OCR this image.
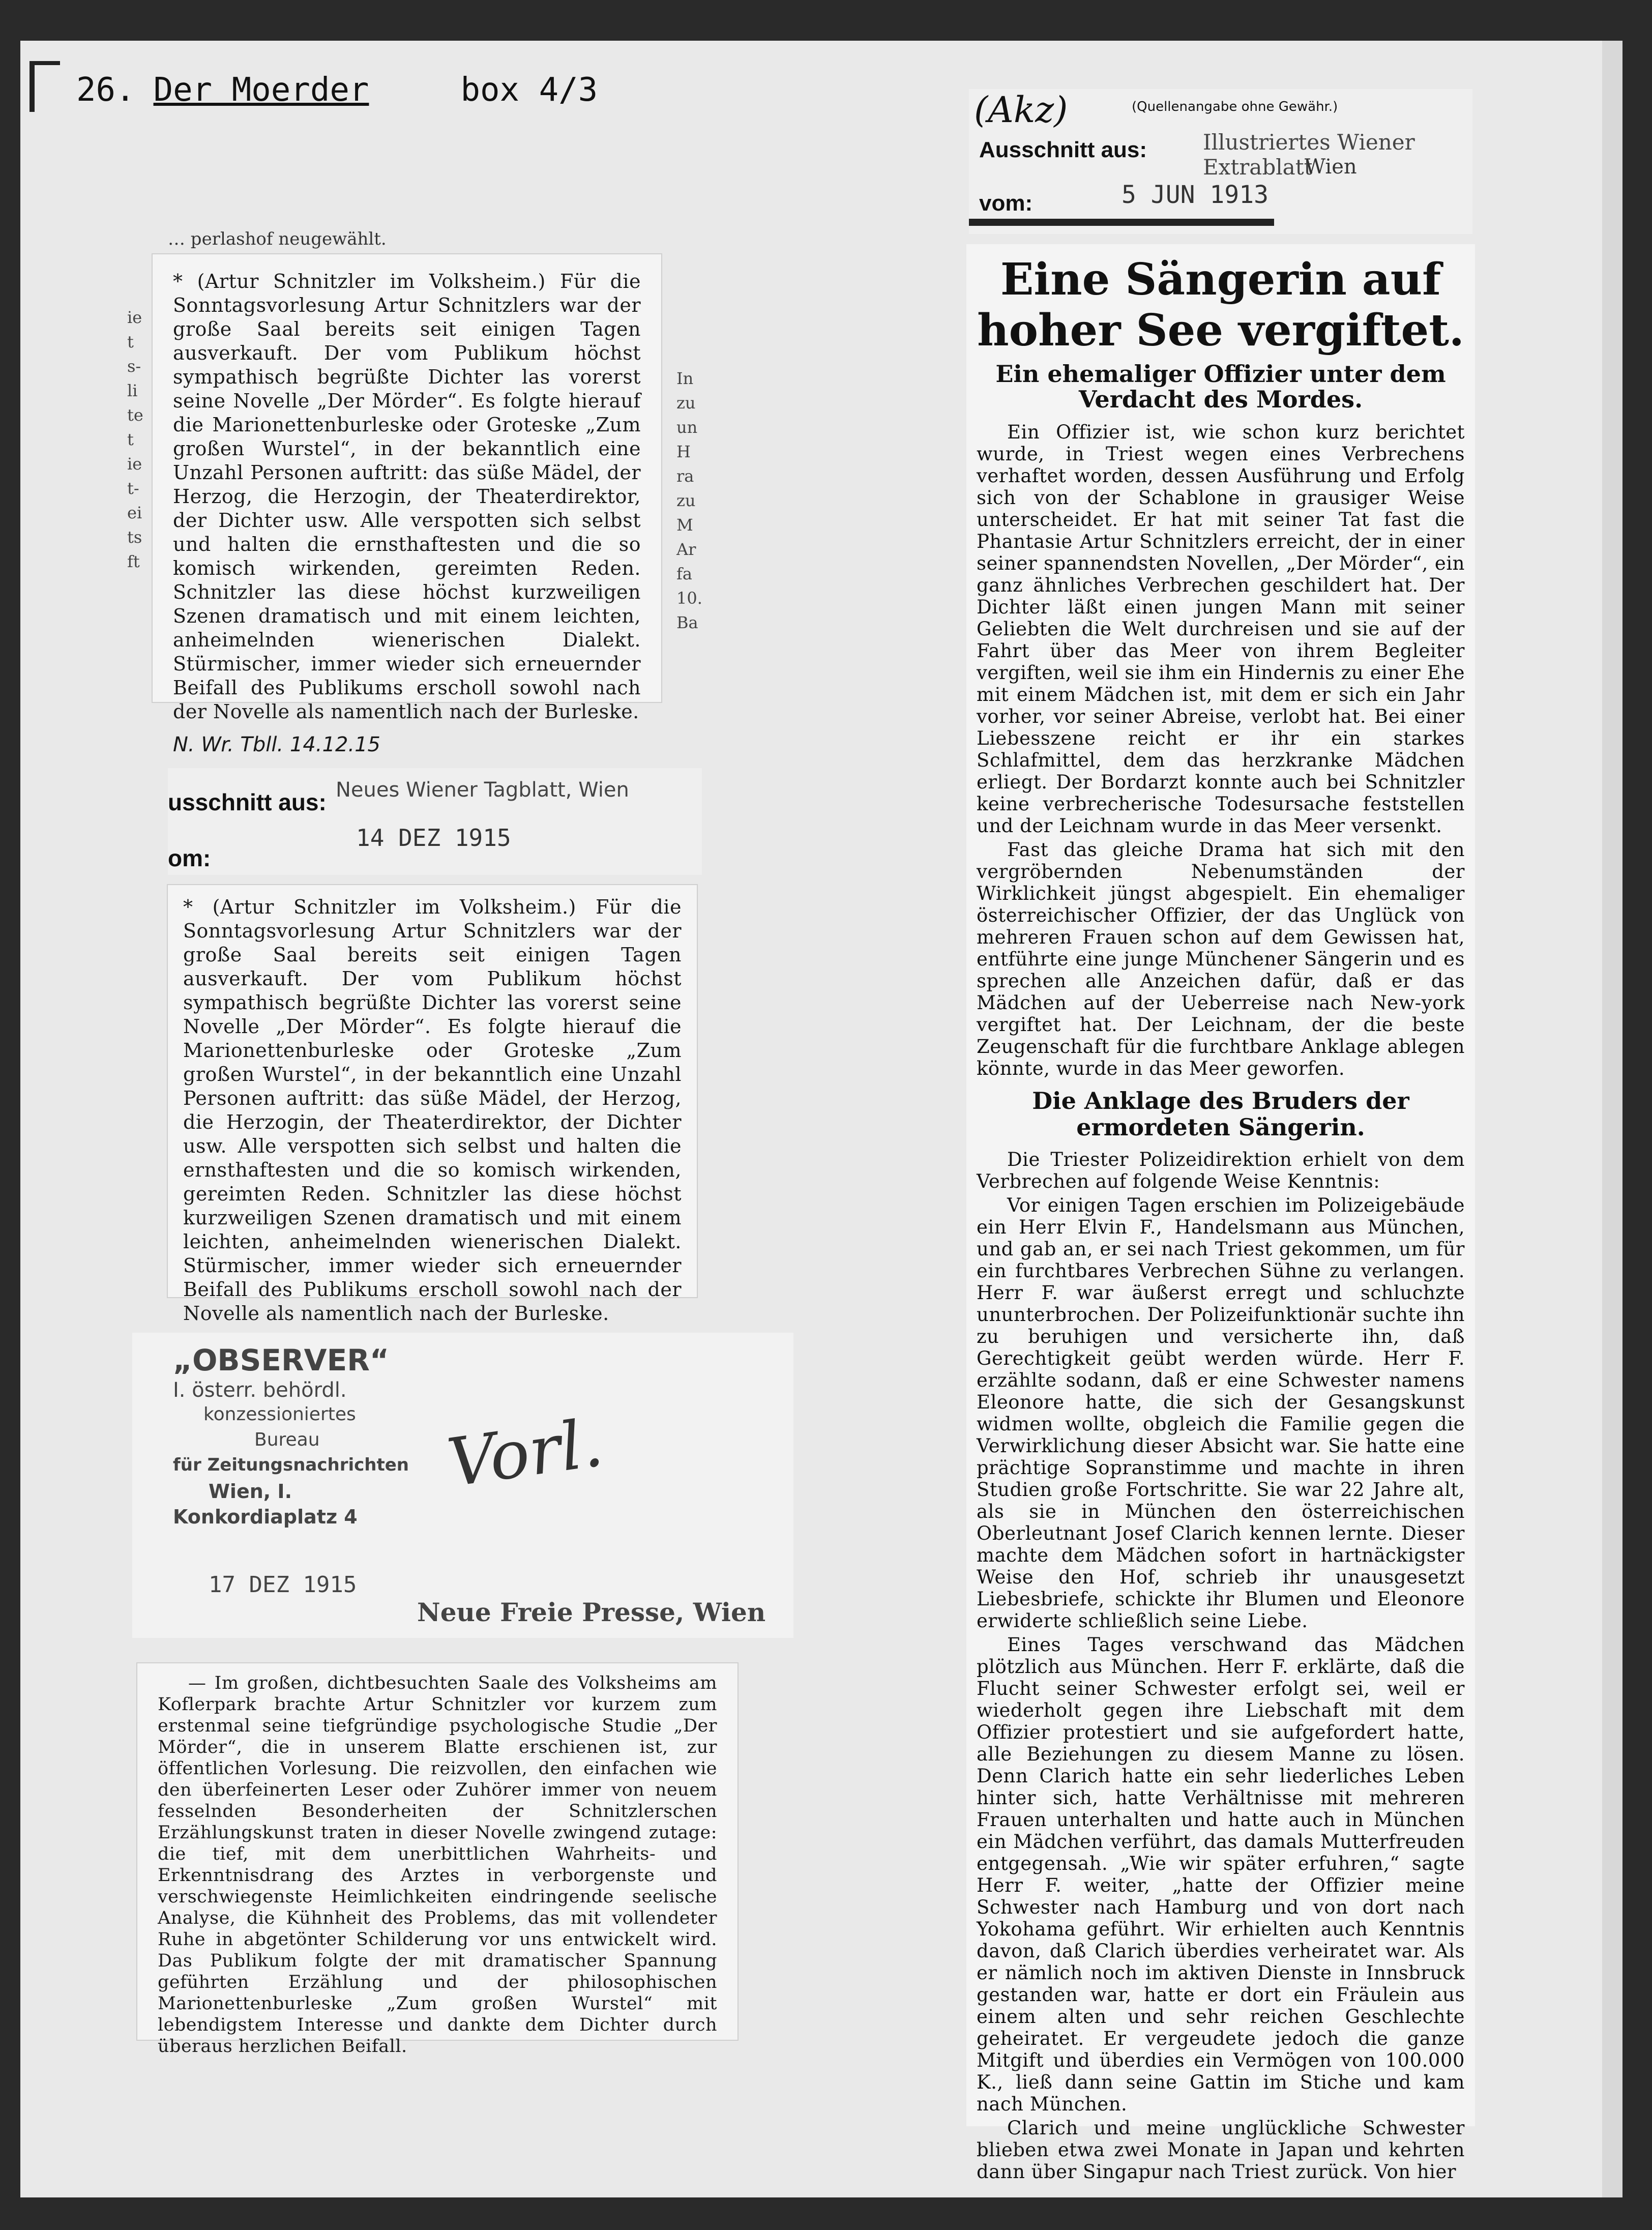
26. Der Moerder	box 4/3
… perlashof neugewählt.
ie
t
s-
li
te
t
ie
t-
ei
ts
ft

* (Artur Schnitzler im Volksheim.) Für die Sonntagsvorlesung Artur Schnitzlers war der große Saal bereits seit einigen Tagen ausverkauft. Der vom Publikum höchst sympathisch begrüßte Dichter las vorerst seine Novelle „Der Mörder“. Es folgte hierauf die Marionettenburleske oder Groteske „Zum großen Wurstel“, in der bekanntlich eine Unzahl Personen auftritt: das süße Mädel, der Herzog, die Herzogin, der Theaterdirektor, der Dichter usw. Alle verspotten sich selbst und halten die ernsthaftesten und die so komisch wirkenden, gereimten Reden. Schnitzler las diese höchst kurzweiligen Szenen dramatisch und mit einem leichten, anheimelnden wienerischen Dialekt. Stürmischer, immer wieder sich erneuernder Beifall des Publikums erscholl sowohl nach der Novelle als namentlich nach der Burleske.

N. Wr. Tbll. 14.12.15
In
zu
un
H
ra
zu
M
Ar
fa
10.
Ba
usschnitt aus: Neues Wiener Tagblatt, Wien
14 DEZ 1915
om:

* (Artur Schnitzler im Volksheim.) Für die Sonntagsvorlesung Artur Schnitzlers war der große Saal bereits seit einigen Tagen ausverkauft. Der vom Publikum höchst sympathisch begrüßte Dichter las vorerst seine Novelle „Der Mörder“. Es folgte hierauf die Marionettenburleske oder Groteske „Zum großen Wurstel“, in der bekanntlich eine Unzahl Personen auftritt: das süße Mädel, der Herzog, die Herzogin, der Theaterdirektor, der Dichter usw. Alle verspotten sich selbst und halten die ernsthaftesten und die so komisch wirkenden, gereimten Reden. Schnitzler las diese höchst kurzweiligen Szenen dramatisch und mit einem leichten, anheimelnden wienerischen Dialekt. Stürmischer, immer wieder sich erneuernder Beifall des Publikums erscholl sowohl nach der Novelle als namentlich nach der Burleske.

„OBSERVER“
I. österr. behördl.
konzessioniertes
Bureau
für Zeitungsnachrichten
Wien, I.
Konkordiaplatz 4
17 DEZ 1915
Vorl.
Neue Freie Presse, Wien

— Im großen, dichtbesuchten Saale des Volksheims am Koflerpark brachte Artur Schnitzler vor kurzem zum erstenmal seine tiefgründige psychologische Studie „Der Mörder“, die in unserem Blatte erschienen ist, zur öffentlichen Vorlesung. Die reizvollen, den einfachen wie den überfeinerten Leser oder Zuhörer immer von neuem fesselnden Besonderheiten der Schnitzlerschen Erzählungskunst traten in dieser Novelle zwingend zutage: die tief, mit dem unerbittlichen Wahrheits- und Erkenntnisdrang des Arztes in verborgenste und verschwiegenste Heimlichkeiten eindringende seelische Analyse, die Kühnheit des Problems, das mit vollendeter Ruhe in abgetönter Schilderung vor uns entwickelt wird. Das Publikum folgte der mit dramatischer Spannung geführten Erzählung und der philosophischen Marionettenburleske „Zum großen Wurstel“ mit lebendigstem Interesse und dankte dem Dichter durch überaus herzlichen Beifall.

(Akz)	(Quellenangabe ohne Gewähr.)
Ausschnitt aus:	Illustriertes Wiener Extrablatt
Wien
5 JUN 1913
vom:
Eine Sängerin auf hoher See vergiftet.
Ein ehemaliger Offizier unter dem Verdacht des Mordes.

Ein Offizier ist, wie schon kurz berichtet wurde, in Triest wegen eines Verbrechens verhaftet worden, dessen Ausführung und Erfolg sich von der Schablone in grausiger Weise unterscheidet. Er hat mit seiner Tat fast die Phantasie Artur Schnitzlers erreicht, der in einer seiner spannendsten Novellen, „Der Mörder“, ein ganz ähnliches Verbrechen geschildert hat. Der Dichter läßt einen jungen Mann mit seiner Geliebten die Welt durchreisen und sie auf der Fahrt über das Meer von ihrem Begleiter vergiften, weil sie ihm ein Hindernis zu einer Ehe mit einem Mädchen ist, mit dem er sich ein Jahr vorher, vor seiner Abreise, verlobt hat. Bei einer Liebesszene reicht er ihr ein starkes Schlafmittel, dem das herzkranke Mädchen erliegt. Der Bordarzt konnte auch bei Schnitzler keine verbrecherische Todesursache feststellen und der Leichnam wurde in das Meer versenkt.

Fast das gleiche Drama hat sich mit den vergröbernden Nebenumständen der Wirklichkeit jüngst abgespielt. Ein ehemaliger österreichischer Offizier, der das Unglück von mehreren Frauen schon auf dem Gewissen hat, entführte eine junge Münchener Sängerin und es sprechen alle Anzeichen dafür, daß er das Mädchen auf der Ueberreise nach New-york vergiftet hat. Der Leichnam, der die beste Zeugenschaft für die furchtbare Anklage ablegen könnte, wurde in das Meer geworfen.

Die Anklage des Bruders der ermordeten Sängerin.

Die Triester Polizeidirektion erhielt von dem Verbrechen auf folgende Weise Kenntnis:

Vor einigen Tagen erschien im Polizeigebäude ein Herr Elvin F., Handelsmann aus München, und gab an, er sei nach Triest gekommen, um für ein furchtbares Verbrechen Sühne zu verlangen. Herr F. war äußerst erregt und schluchzte ununterbrochen. Der Polizeifunktionär suchte ihn zu beruhigen und versicherte ihn, daß Gerechtigkeit geübt werden würde. Herr F. erzählte sodann, daß er eine Schwester namens Eleonore hatte, die sich der Gesangskunst widmen wollte, obgleich die Familie gegen die Verwirklichung dieser Absicht war. Sie hatte eine prächtige Sopranstimme und machte in ihren Studien große Fortschritte. Sie war 22 Jahre alt, als sie in München den österreichischen Oberleutnant Josef Clarich kennen lernte. Dieser machte dem Mädchen sofort in hartnäckigster Weise den Hof, schrieb ihr unausgesetzt Liebesbriefe, schickte ihr Blumen und Eleonore erwiderte schließlich seine Liebe.

Eines Tages verschwand das Mädchen plötzlich aus München. Herr F. erklärte, daß die Flucht seiner Schwester erfolgt sei, weil er wiederholt gegen ihre Liebschaft mit dem Offizier protestiert und sie aufgefordert hatte, alle Beziehungen zu diesem Manne zu lösen. Denn Clarich hatte ein sehr liederliches Leben hinter sich, hatte Verhältnisse mit mehreren Frauen unterhalten und hatte auch in München ein Mädchen verführt, das damals Mutterfreuden entgegensah. „Wie wir später erfuhren,“ sagte Herr F. weiter, „hatte der Offizier meine Schwester nach Hamburg und von dort nach Yokohama geführt. Wir erhielten auch Kenntnis davon, daß Clarich überdies verheiratet war. Als er nämlich noch im aktiven Dienste in Innsbruck gestanden war, hatte er dort ein Fräulein aus einem alten und sehr reichen Geschlechte geheiratet. Er vergeudete jedoch die ganze Mitgift und überdies ein Vermögen von 100.000 K., ließ dann seine Gattin im Stiche und kam nach München.

Clarich und meine unglückliche Schwester blieben etwa zwei Monate in Japan und kehrten dann über Singapur nach Triest zurück. Von hier
